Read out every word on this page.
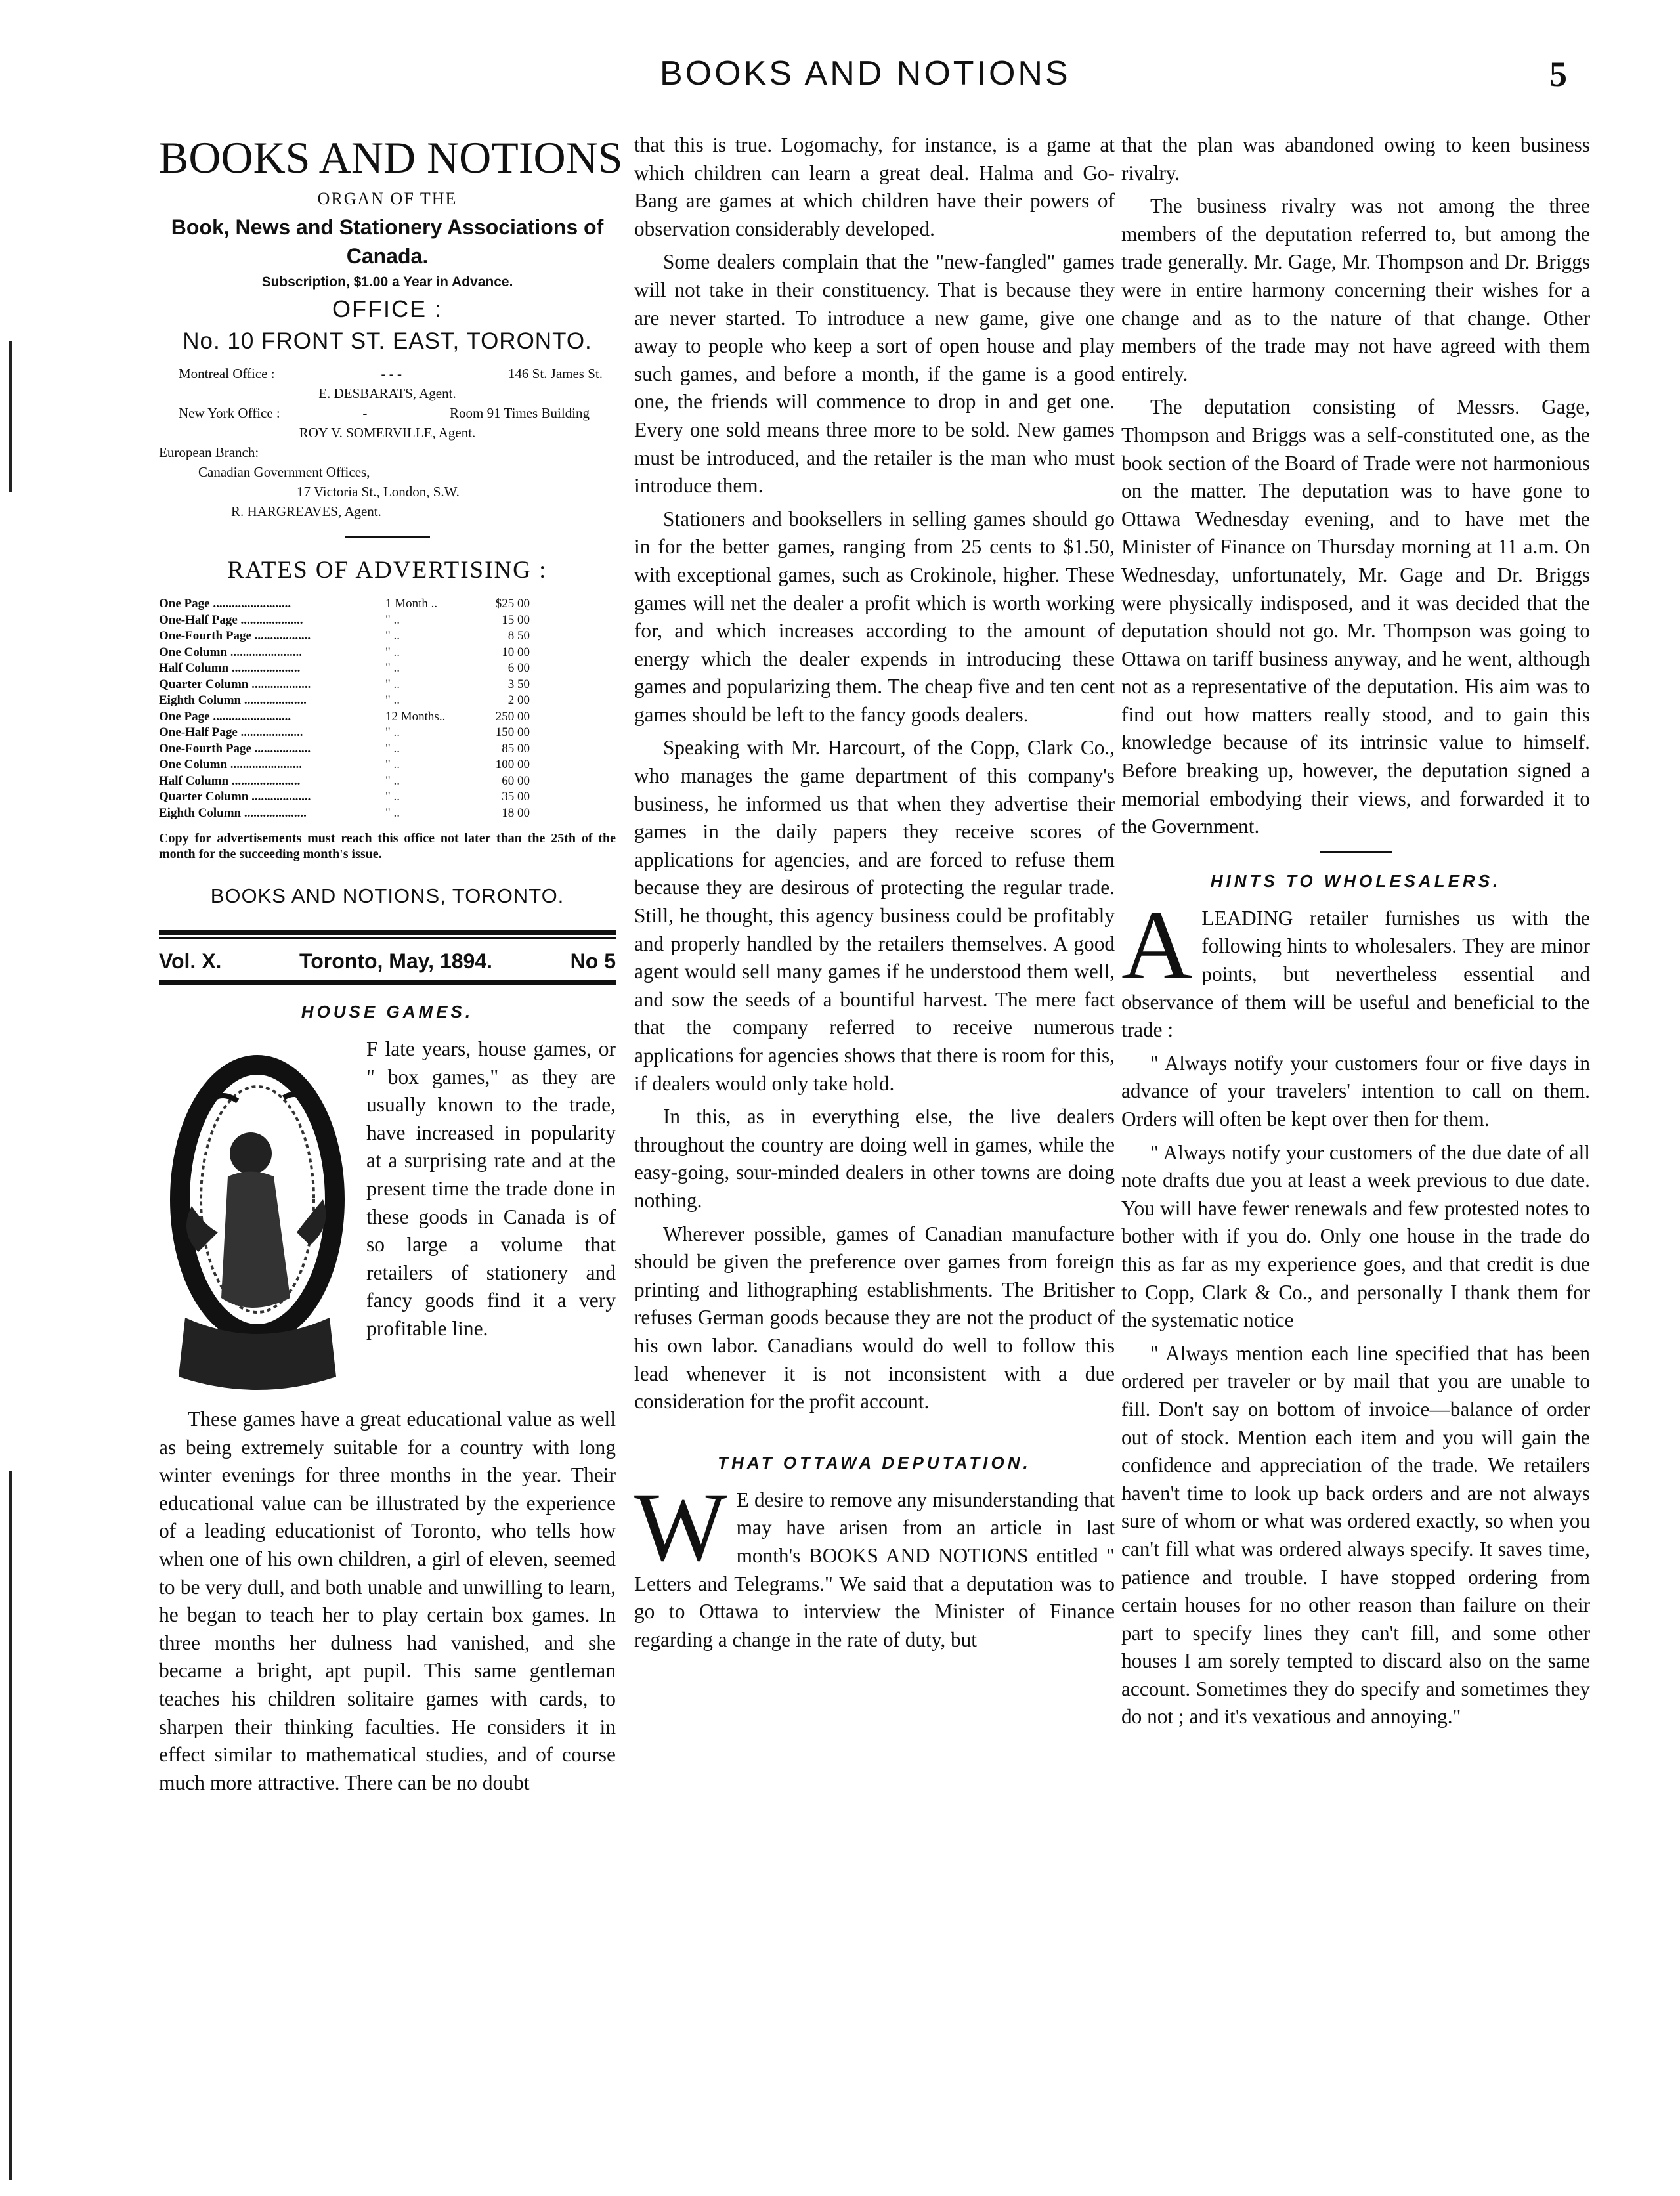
BOOKS AND NOTIONS	5
BOOKS AND NOTIONS
ORGAN OF THE
Book, News and Stationery Associations of Canada.
Subscription, $1.00 a Year in Advance.
OFFICE :
No. 10 FRONT ST. EAST, TORONTO.
Montreal Office :	- - -	146 St. James St.
E. DESBARATS, Agent.
New York Office :	-	Room 91 Times Building
ROY V. SOMERVILLE, Agent.
European Branch:
Canadian Government Offices,
17 Victoria St., London, S.W.
R. HARGREAVES, Agent.
RATES OF ADVERTISING :
One Page .........................	1 Month ..	$25 00
One-Half Page ....................	" ..	15 00
One-Fourth Page ..................	" ..	8 50
One Column .......................	" ..	10 00
Half Column ......................	" ..	6 00
Quarter Column ...................	" ..	3 50
Eighth Column ....................	" ..	2 00
One Page .........................	12 Months..	250 00
One-Half Page ....................	" ..	150 00
One-Fourth Page ..................	" ..	85 00
One Column .......................	" ..	100 00
Half Column ......................	" ..	60 00
Quarter Column ...................	" ..	35 00
Eighth Column ....................	" ..	18 00
Copy for advertisements must reach this office not later than the 25th of the month for the succeeding month's issue.
BOOKS AND NOTIONS, TORONTO.
Vol. X.	Toronto, May, 1894.	No 5
HOUSE GAMES.

F late years, house games, or " box games," as they are usually known to the trade, have increased in popularity at a surprising rate and at the present time the trade done in these goods in Canada is of so large a volume that retailers of stationery and fancy goods find it a very profitable line.

These games have a great educational value as well as being extremely suitable for a country with long winter evenings for three months in the year. Their educational value can be illustrated by the experience of a leading educationist of Toronto, who tells how when one of his own children, a girl of eleven, seemed to be very dull, and both unable and unwilling to learn, he began to teach her to play certain box games. In three months her dulness had vanished, and she became a bright, apt pupil. This same gentleman teaches his children solitaire games with cards, to sharpen their thinking faculties. He considers it in effect similar to mathematical studies, and of course much more attractive. There can be no doubt

that this is true. Logomachy, for instance, is a game at which children can learn a great deal. Halma and Go-Bang are games at which children have their powers of observation considerably developed.

Some dealers complain that the "new-fangled" games will not take in their constituency. That is because they are never started. To introduce a new game, give one away to people who keep a sort of open house and play such games, and before a month, if the game is a good one, the friends will commence to drop in and get one. Every one sold means three more to be sold. New games must be introduced, and the retailer is the man who must introduce them.

Stationers and booksellers in selling games should go in for the better games, ranging from 25 cents to $1.50, with exceptional games, such as Crokinole, higher. These games will net the dealer a profit which is worth working for, and which increases according to the amount of energy which the dealer expends in introducing these games and popularizing them. The cheap five and ten cent games should be left to the fancy goods dealers.

Speaking with Mr. Harcourt, of the Copp, Clark Co., who manages the game department of this company's business, he informed us that when they advertise their games in the daily papers they receive scores of applications for agencies, and are forced to refuse them because they are desirous of protecting the regular trade. Still, he thought, this agency business could be profitably and properly handled by the retailers themselves. A good agent would sell many games if he understood them well, and sow the seeds of a bountiful harvest. The mere fact that the company referred to receive numerous applications for agencies shows that there is room for this, if dealers would only take hold.

In this, as in everything else, the live dealers throughout the country are doing well in games, while the easy-going, sour-minded dealers in other towns are doing nothing.

Wherever possible, games of Canadian manufacture should be given the preference over games from foreign printing and lithographing establishments. The Britisher refuses German goods because they are not the product of his own labor. Canadians would do well to follow this lead whenever it is not inconsistent with a due consideration for the profit account.

THAT OTTAWA DEPUTATION.

W E desire to remove any misunderstanding that may have arisen from an article in last month's BOOKS AND NOTIONS entitled " Letters and Telegrams." We said that a deputation was to go to Ottawa to interview the Minister of Finance regarding a change in the rate of duty, but

that the plan was abandoned owing to keen business rivalry.

The business rivalry was not among the three members of the deputation referred to, but among the trade generally. Mr. Gage, Mr. Thompson and Dr. Briggs were in entire harmony concerning their wishes for a change and as to the nature of that change. Other members of the trade may not have agreed with them entirely.

The deputation consisting of Messrs. Gage, Thompson and Briggs was a self-constituted one, as the book section of the Board of Trade were not harmonious on the matter. The deputation was to have gone to Ottawa Wednesday evening, and to have met the Minister of Finance on Thursday morning at 11 a.m. On Wednesday, unfortunately, Mr. Gage and Dr. Briggs were physically indisposed, and it was decided that the deputation should not go. Mr. Thompson was going to Ottawa on tariff business anyway, and he went, although not as a representative of the deputation. His aim was to find out how matters really stood, and to gain this knowledge because of its intrinsic value to himself. Before breaking up, however, the deputation signed a memorial embodying their views, and forwarded it to the Government.

HINTS TO WHOLESALERS.

ALEADING retailer furnishes us with the following hints to wholesalers. They are minor points, but nevertheless essential and observance of them will be useful and beneficial to the trade :

" Always notify your customers four or five days in advance of your travelers' intention to call on them. Orders will often be kept over then for them.

" Always notify your customers of the due date of all note drafts due you at least a week previous to due date. You will have fewer renewals and few protested notes to bother with if you do. Only one house in the trade do this as far as my experience goes, and that credit is due to Copp, Clark & Co., and personally I thank them for the systematic notice

" Always mention each line specified that has been ordered per traveler or by mail that you are unable to fill. Don't say on bottom of invoice—balance of order out of stock. Mention each item and you will gain the confidence and appreciation of the trade. We retailers haven't time to look up back orders and are not always sure of whom or what was ordered exactly, so when you can't fill what was ordered always specify. It saves time, patience and trouble. I have stopped ordering from certain houses for no other reason than failure on their part to specify lines they can't fill, and some other houses I am sorely tempted to discard also on the same account. Sometimes they do specify and sometimes they do not ; and it's vexatious and annoying."
